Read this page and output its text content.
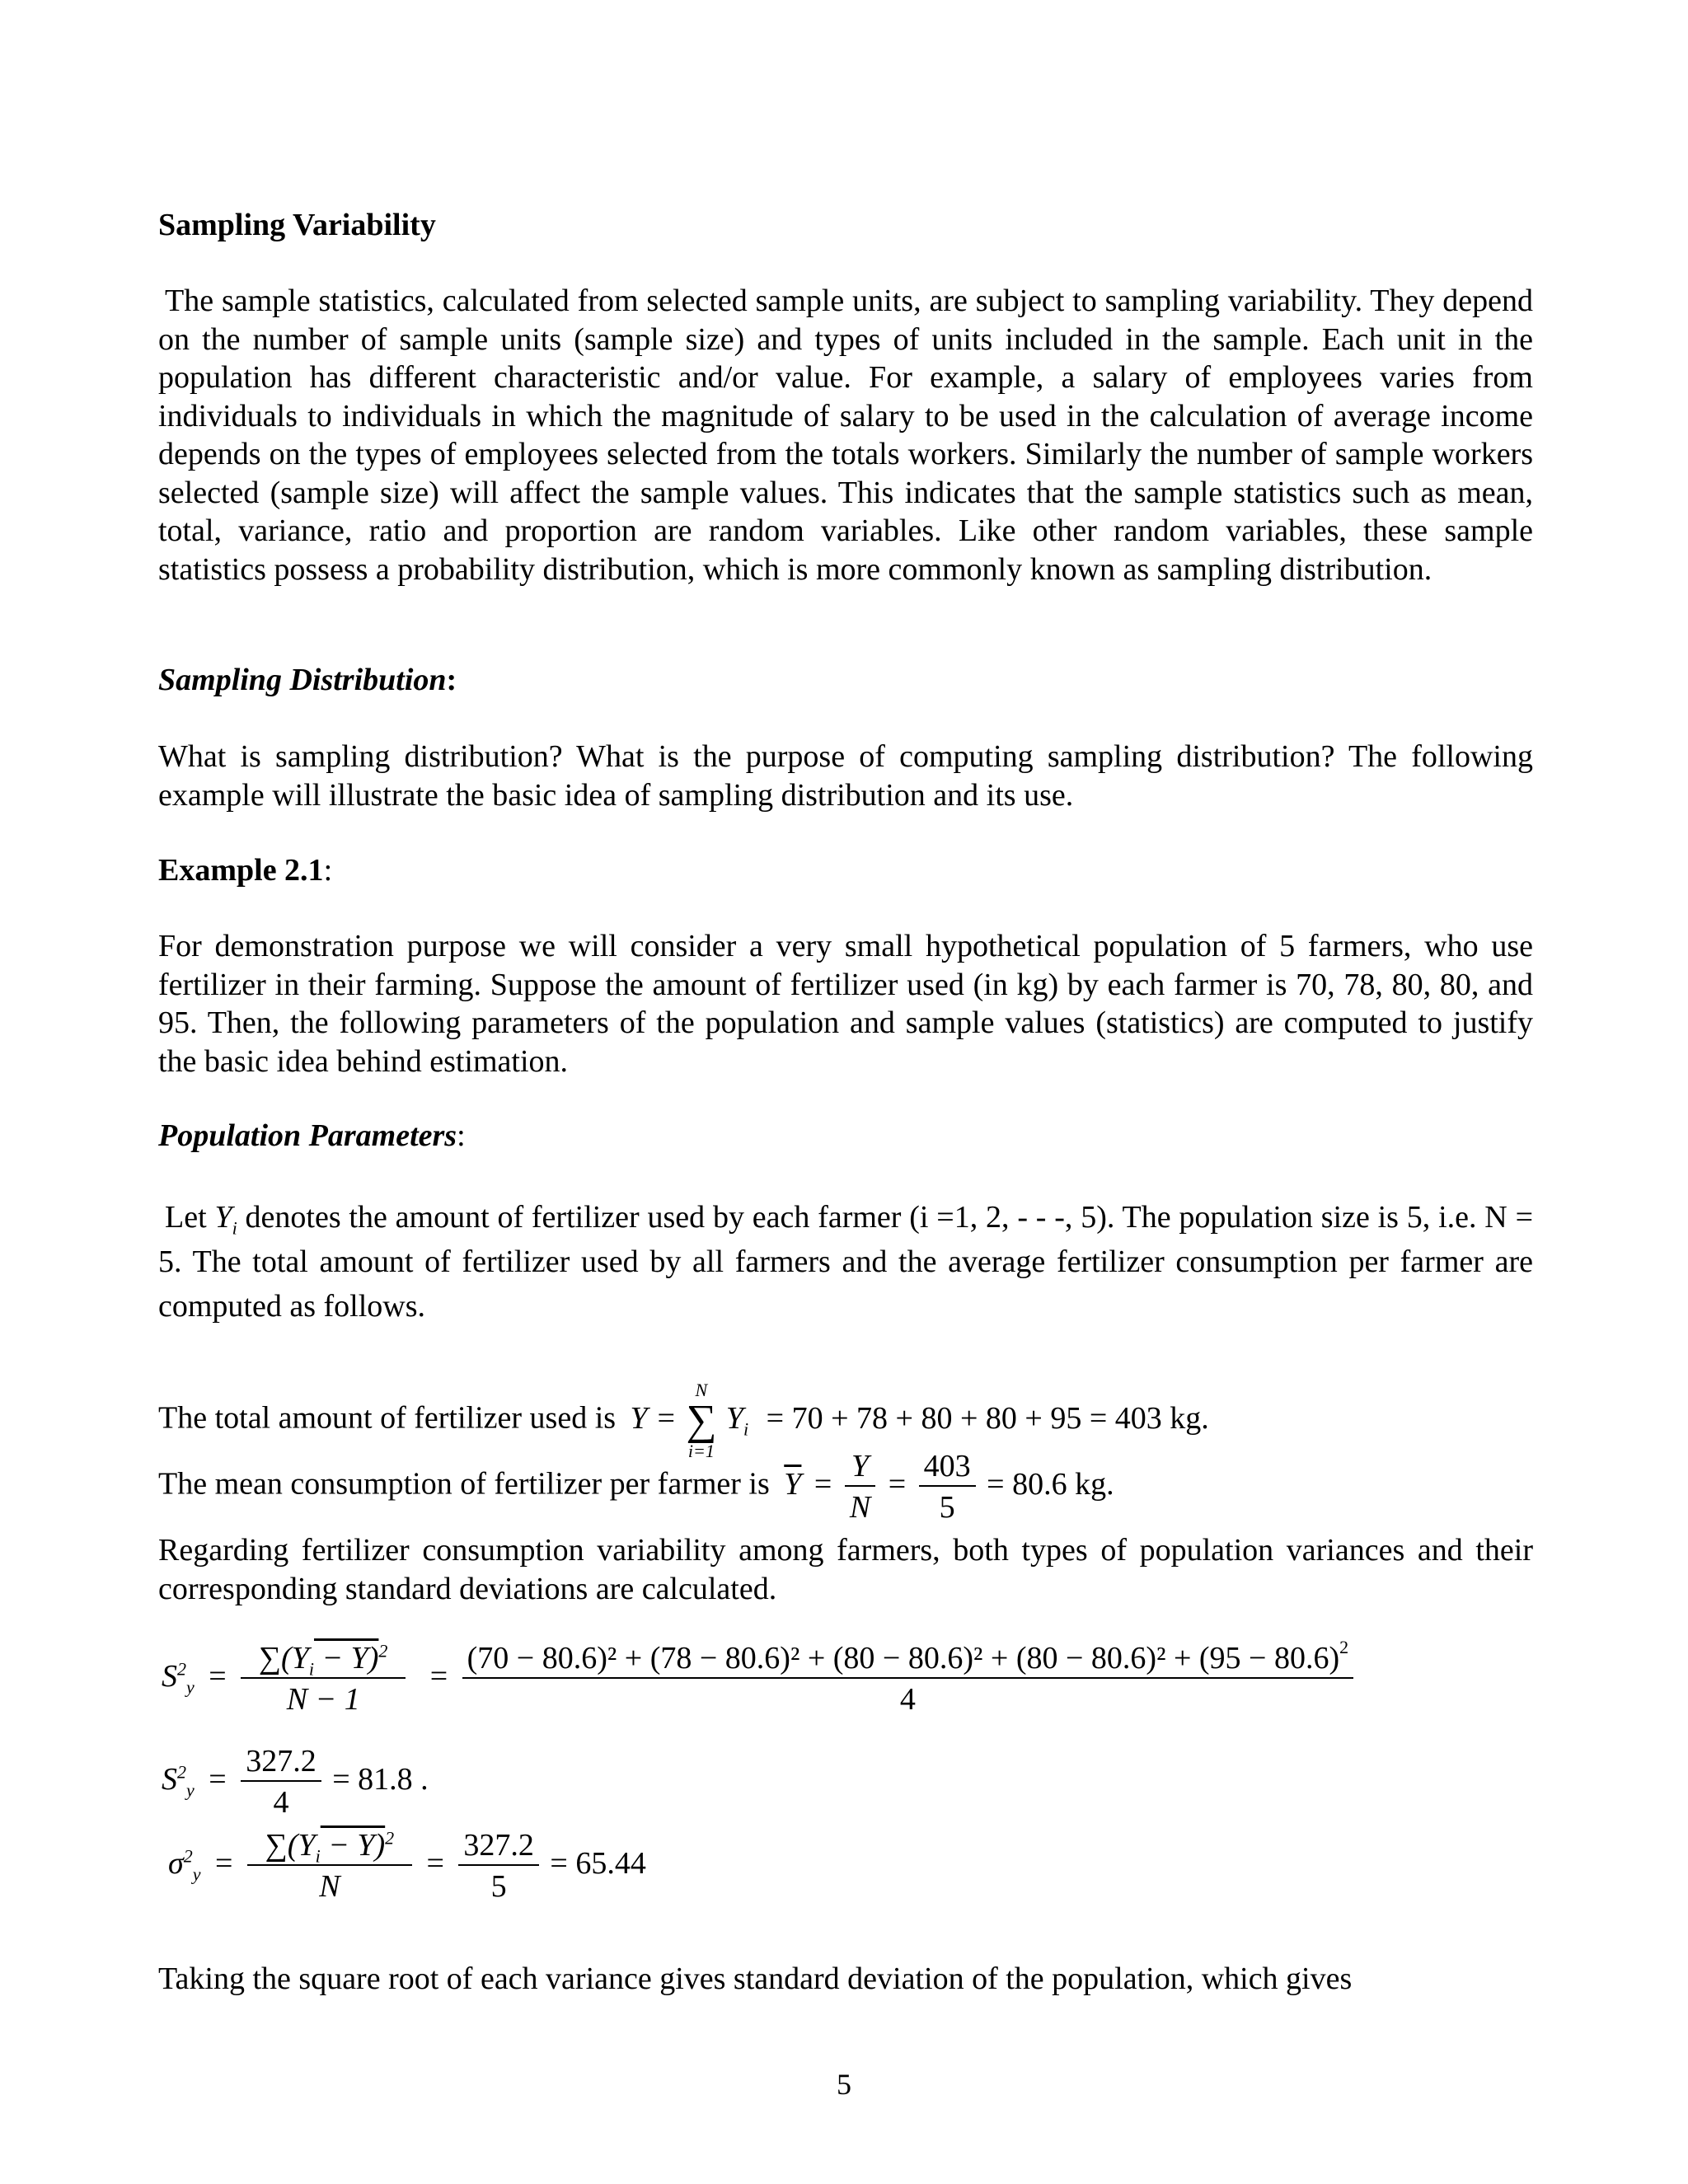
Sampling Variability
The sample statistics, calculated from selected sample units, are subject to sampling variability. They depend on the number of sample units (sample size) and types of units included in the sample. Each unit in the population has different characteristic and/or value. For example, a salary of employees varies from individuals to individuals in which the magnitude of salary to be used in the calculation of average income depends on the types of employees selected from the totals workers. Similarly the number of sample workers selected (sample size) will affect the sample values. This indicates that the sample statistics such as mean, total, variance, ratio and proportion are random variables. Like other random variables, these sample statistics possess a probability distribution, which is more commonly known as sampling distribution.
Sampling Distribution:
What is sampling distribution? What is the purpose of computing sampling distribution? The following example will illustrate the basic idea of sampling distribution and its use.
Example 2.1:
For demonstration purpose we will consider a very small hypothetical population of 5 farmers, who use fertilizer in their farming. Suppose the amount of fertilizer used (in kg) by each farmer is 70, 78, 80, 80, and 95. Then, the following parameters of the population and sample values (statistics) are computed to justify the basic idea behind estimation.
Population Parameters:
Let $Y_i$ denotes the amount of fertilizer used by each farmer (i =1, 2, - - -, 5). The population size is 5, i.e. N = 5. The total amount of fertilizer used by all farmers and the average fertilizer consumption per farmer are computed as follows.
The total amount of fertilizer used is Y =
N
∑
i=1
$Y_i = 70 + 78 + 80 + 80 + 95 = 403$ kg.
The mean consumption of fertilizer per farmer is $\overline{Y} = \frac{Y}{N} = \frac{403}{5} = 80.6$ kg.
Regarding fertilizer consumption variability among farmers, both types of population variances and their corresponding standard deviations are calculated.
$S^2_y = \frac{\sum(Y_i - Y)^2}{N - 1}$ =
$(70 - 80.6)^2 + (78 - 80.6)^2 + (80 - 80.6)^2 + (80 - 80.6)^2 + (95 - 80.6)^2$
4
$S^2_y = \frac{327.2}{4} = 81.8$ .
$\sigma^2_y = \frac{\sum(Y_i - Y)^2}{N} = \frac{327.2}{5} = 65.44$
Taking the square root of each variance gives standard deviation of the population, which gives
5
